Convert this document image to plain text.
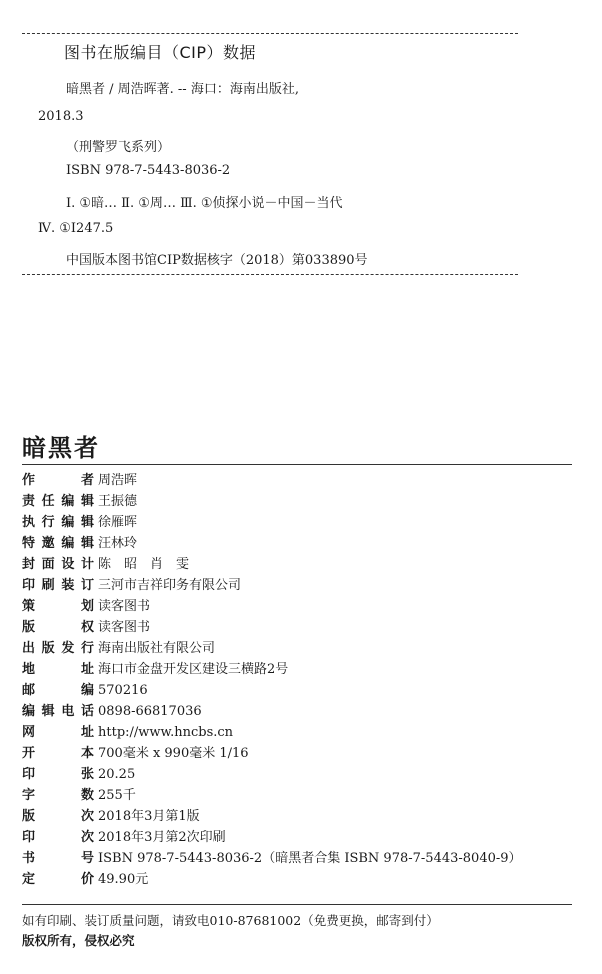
图书在版编目（CIP）数据
暗黑者 / 周浩晖著. -- 海口：海南出版社,
2018.3
（刑警罗飞系列）
ISBN 978-7-5443-8036-2
Ⅰ. ①暗… Ⅱ. ①周… Ⅲ. ①侦探小说－中国－当代
Ⅳ. ①I247.5
中国版本图书馆CIP数据核字（2018）第033890号
暗黑者
作　者 周浩晖
责任编辑 王振德
执行编辑 徐雁晖
特邀编辑 汪林玲
封面设计 陈　昭　肖　雯
印刷装订 三河市吉祥印务有限公司
策　划 读客图书
版　权 读客图书
出版发行 海南出版社有限公司
地　址 海口市金盘开发区建设三横路2号
邮　编 570216
编辑电话 0898-66817036
网　址 http://www.hncbs.cn
开　本 700毫米 x 990毫米 1/16
印　张 20.25
字　数 255千
版　次 2018年3月第1版
印　次 2018年3月第2次印刷
书　号 ISBN 978-7-5443-8036-2（暗黑者合集 ISBN 978-7-5443-8040-9）
定　价 49.90元
如有印刷、装订质量问题，请致电010-87681002（免费更换，邮寄到付）
版权所有，侵权必究
